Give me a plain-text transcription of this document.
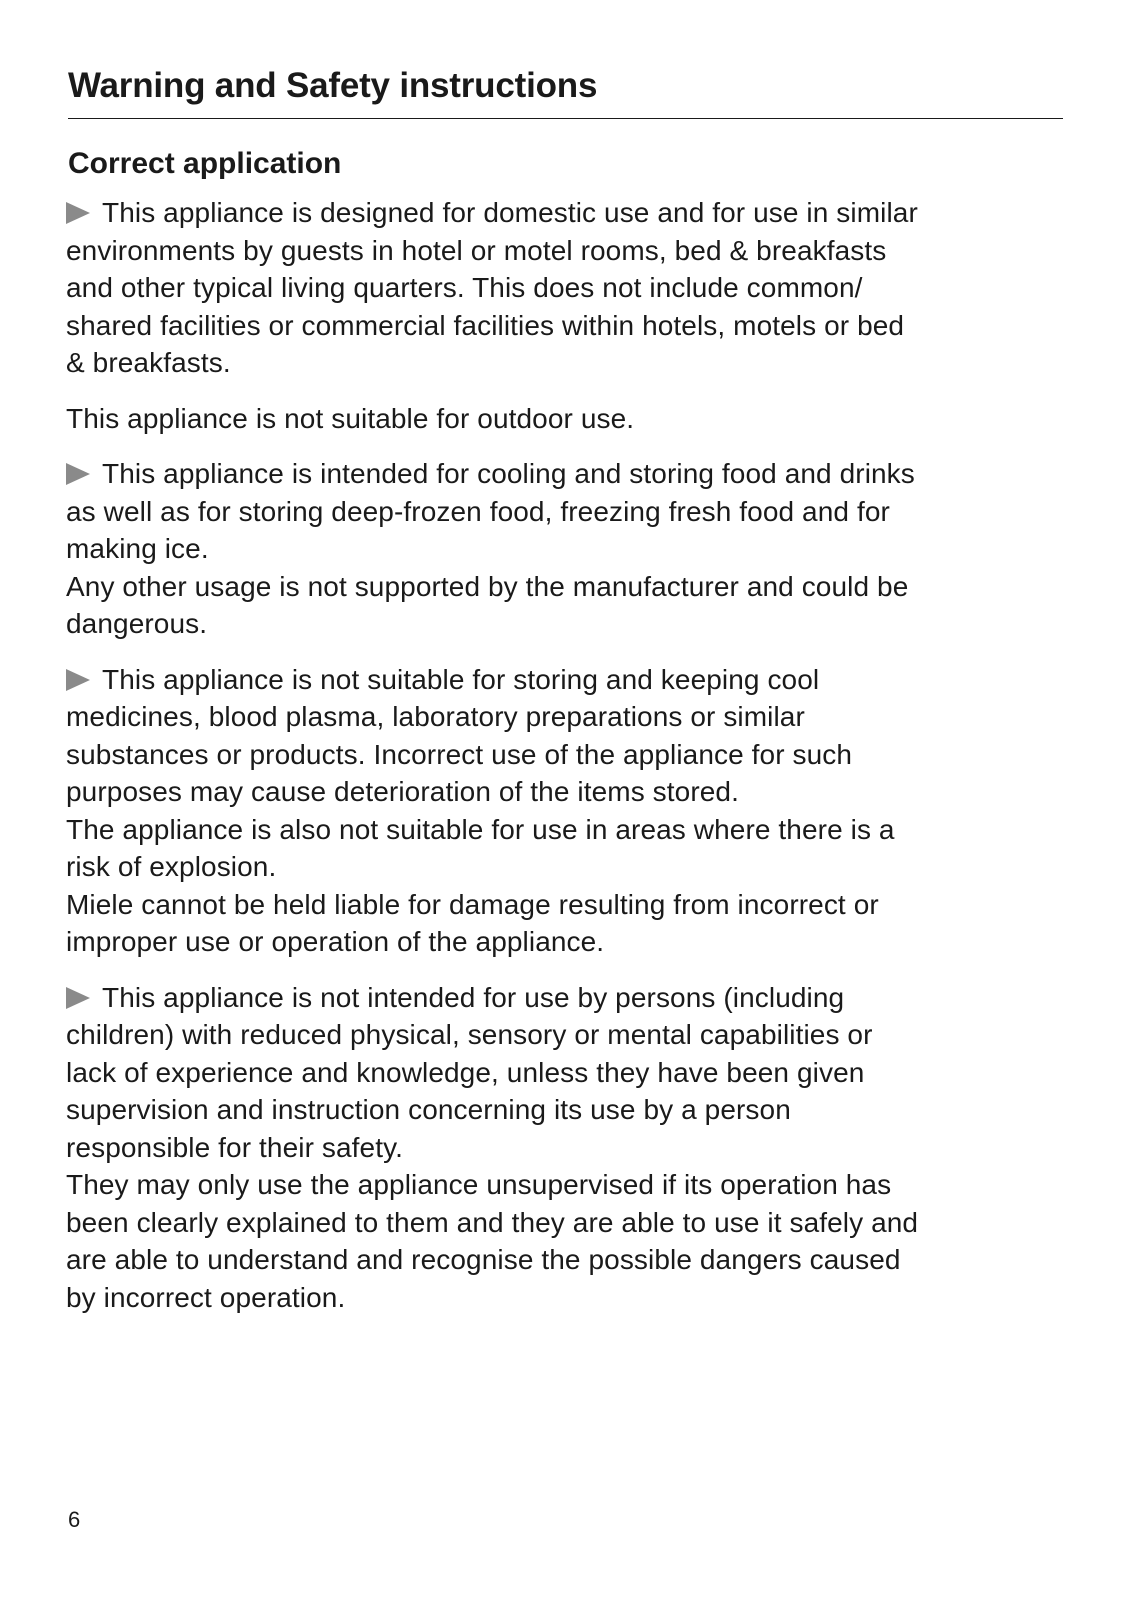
Warning and Safety instructions
Correct application
This appliance is designed for domestic use and for use in similar
environments by guests in hotel or motel rooms, bed & breakfasts
and other typical living quarters. This does not include common/
shared facilities or commercial facilities within hotels, motels or bed
& breakfasts.
This appliance is not suitable for outdoor use.
This appliance is intended for cooling and storing food and drinks
as well as for storing deep-frozen food, freezing fresh food and for
making ice.
Any other usage is not supported by the manufacturer and could be
dangerous.
This appliance is not suitable for storing and keeping cool
medicines, blood plasma, laboratory preparations or similar
substances or products. Incorrect use of the appliance for such
purposes may cause deterioration of the items stored.
The appliance is also not suitable for use in areas where there is a
risk of explosion.
Miele cannot be held liable for damage resulting from incorrect or
improper use or operation of the appliance.
This appliance is not intended for use by persons (including
children) with reduced physical, sensory or mental capabilities or
lack of experience and knowledge, unless they have been given
supervision and instruction concerning its use by a person
responsible for their safety.
They may only use the appliance unsupervised if its operation has
been clearly explained to them and they are able to use it safely and
are able to understand and recognise the possible dangers caused
by incorrect operation.
6
